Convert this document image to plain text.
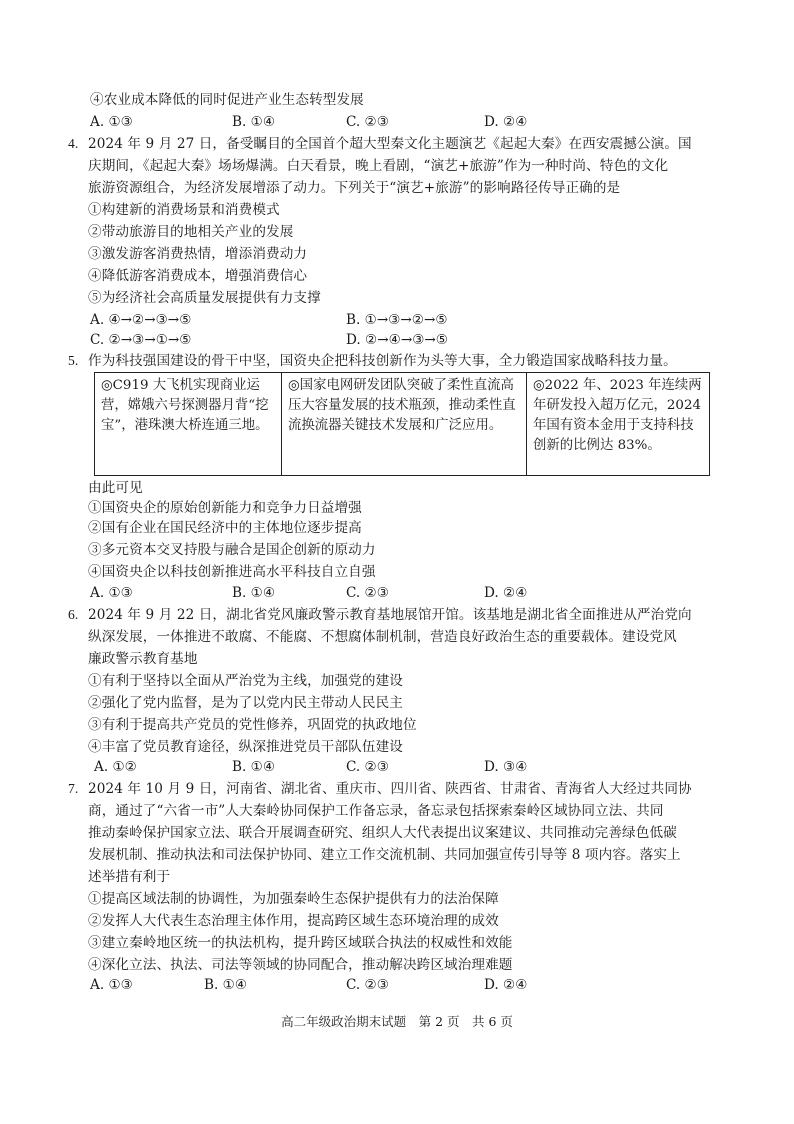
④农业成本降低的同时促进产业生态转型发展
A. ①③	B. ①④	C. ②③	D. ②④
4. 2024 年 9 月 27 日，备受瞩目的全国首个超大型秦文化主题演艺《起起大秦》在西安震撼公演。国
庆期间，《起起大秦》场场爆满。白天看景，晚上看剧，“演艺+旅游”作为一种时尚、特色的文化
旅游资源组合，为经济发展增添了动力。下列关于“演艺+旅游”的影响路径传导正确的是
①构建新的消费场景和消费模式
②带动旅游目的地相关产业的发展
③激发游客消费热情，增添消费动力
④降低游客消费成本，增强消费信心
⑤为经济社会高质量发展提供有力支撑
A. ④→②→③→⑤	B. ①→③→②→⑤
C. ②→③→①→⑤	D. ②→④→③→⑤
5. 作为科技强国建设的骨干中坚，国资央企把科技创新作为头等大事，全力锻造国家战略科技力量。
◎C919 大飞机实现商业运营，嫦娥六号探测器月背“挖宝”，港珠澳大桥连通三地。	◎国家电网研发团队突破了柔性直流高压大容量发展的技术瓶颈，推动柔性直流换流器关键技术发展和广泛应用。	◎2022 年、2023 年连续两年研发投入超万亿元，2024 年国有资本金用于支持科技创新的比例达 83%。
由此可见
①国资央企的原始创新能力和竞争力日益增强
②国有企业在国民经济中的主体地位逐步提高
③多元资本交叉持股与融合是国企创新的原动力
④国资央企以科技创新推进高水平科技自立自强
A. ①③	B. ①④	C. ②③	D. ②④
6. 2024 年 9 月 22 日，湖北省党风廉政警示教育基地展馆开馆。该基地是湖北省全面推进从严治党向
纵深发展，一体推进不敢腐、不能腐、不想腐体制机制，营造良好政治生态的重要载体。建设党风
廉政警示教育基地
①有利于坚持以全面从严治党为主线，加强党的建设
②强化了党内监督，是为了以党内民主带动人民民主
③有利于提高共产党员的党性修养，巩固党的执政地位
④丰富了党员教育途径，纵深推进党员干部队伍建设
A. ①②	B. ①④	C. ②③	D. ③④
7. 2024 年 10 月 9 日，河南省、湖北省、重庆市、四川省、陕西省、甘肃省、青海省人大经过共同协
商，通过了“六省一市”人大秦岭协同保护工作备忘录，备忘录包括探索秦岭区域协同立法、共同
推动秦岭保护国家立法、联合开展调查研究、组织人大代表提出议案建议、共同推动完善绿色低碳
发展机制、推动执法和司法保护协同、建立工作交流机制、共同加强宣传引导等 8 项内容。落实上
述举措有利于
①提高区域法制的协调性，为加强秦岭生态保护提供有力的法治保障
②发挥人大代表生态治理主体作用，提高跨区域生态环境治理的成效
③建立秦岭地区统一的执法机构，提升跨区域联合执法的权威性和效能
④深化立法、执法、司法等领域的协同配合，推动解决跨区域治理难题
A. ①③	B. ①④	C. ②③	D. ②④
高二年级政治期末试题　第 2 页　共 6 页
